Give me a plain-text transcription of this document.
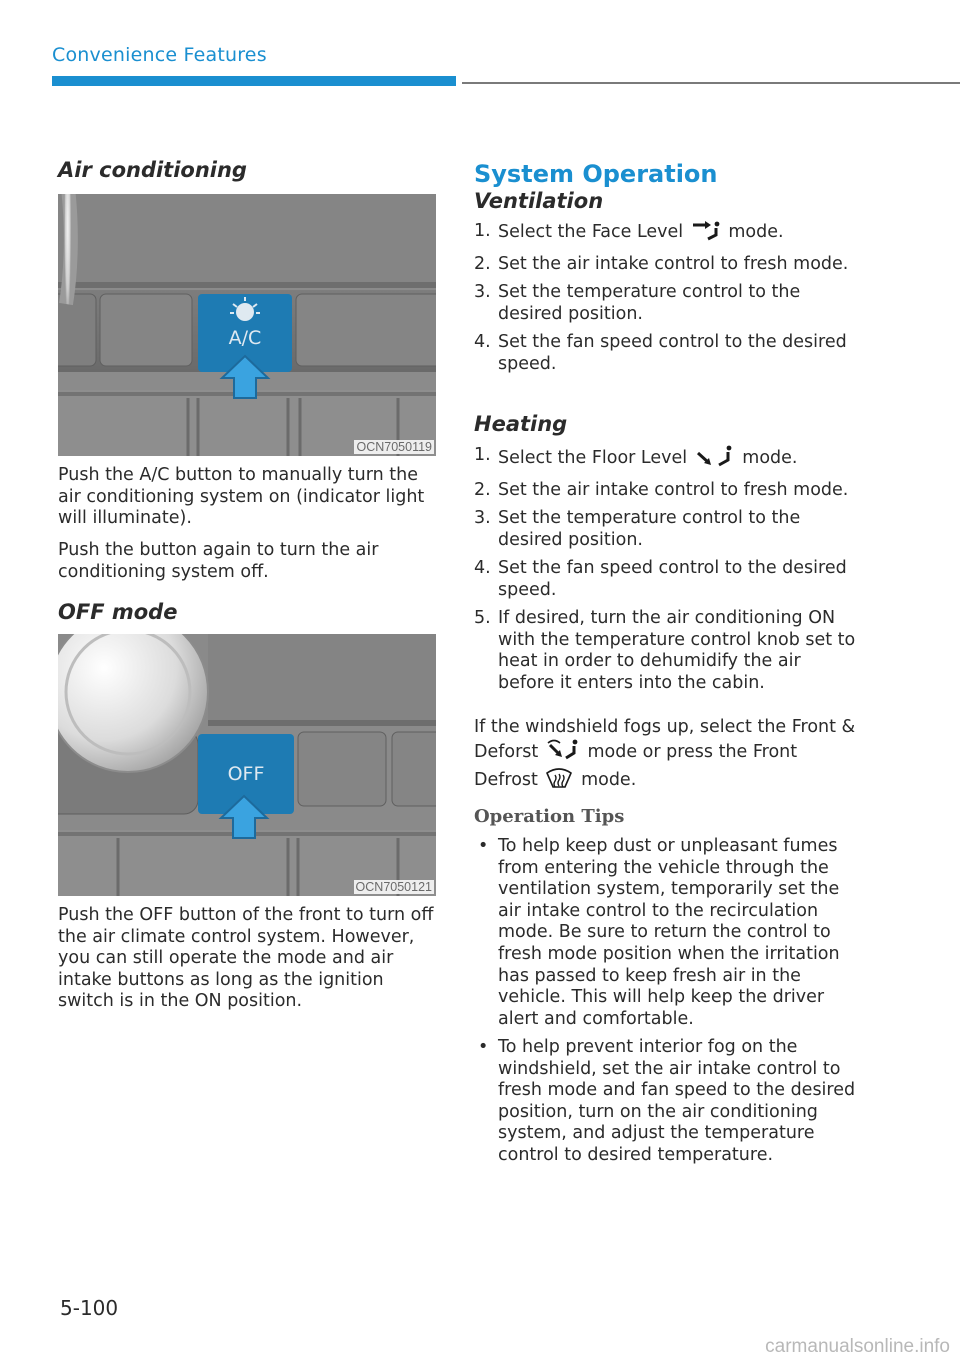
Convenience Features
Air conditioning
A/C
OCN7050119
Push the A/C button to manually turn the air conditioning system on (indicator light will illuminate).
Push the button again to turn the air conditioning system off.
OFF mode
OFF
OCN7050121
Push the OFF button of the front to turn off the air climate control system. However, you can still operate the mode and air intake buttons as long as the ignition switch is in the ON position.
System Operation
Ventilation
1. Select the Face Level	mode.
2. Set the air intake control to fresh mode.
3. Set the temperature control to the desired position.
4. Set the fan speed control to the desired speed.
Heating
1. Select the Floor Level	mode.
2. Set the air intake control to fresh mode.
3. Set the temperature control to the desired position.
4. Set the fan speed control to the desired speed.
5. If desired, turn the air conditioning ON with the temperature control knob set to heat in order to dehumidify the air before it enters into the cabin.
If the windshield fogs up, select the Front & Deforst	mode or press the Front Defrost mode.
Operation Tips
• To help keep dust or unpleasant fumes from entering the vehicle through the ventilation system, temporarily set the air intake control to the recirculation mode. Be sure to return the control to fresh mode position when the irritation has passed to keep fresh air in the vehicle. This will help keep the driver alert and comfortable.
• To help prevent interior fog on the windshield, set the air intake control to fresh mode and fan speed to the desired position, turn on the air conditioning system, and adjust the temperature control to desired temperature.
5-100
carmanualsonline.info
